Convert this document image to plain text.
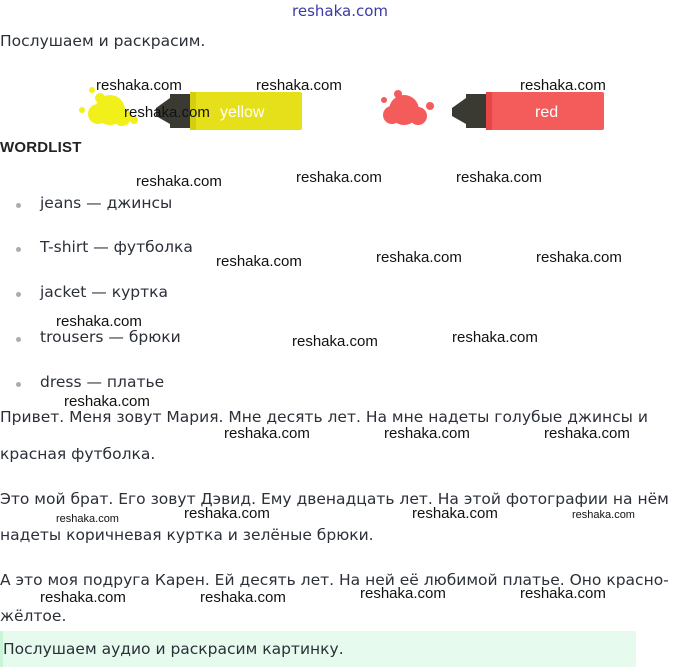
reshaka.com
Послушаем и раскрасим.
yellow	red
WORDLIST
jeans — джинсы
T-shirt — футболка
jacket — куртка
trousers — брюки
dress — платье
Привет. Меня зовут Мария. Мне десять лет. На мне надеты голубые джинсы и
красная футболка.
Это мой брат. Его зовут Дэвид. Ему двенадцать лет. На этой фотографии на нём
надеты коричневая куртка и зелёные брюки.
А это моя подруга Карен. Ей десять лет. На ней её любимой платье. Оно красно-
жёлтое.
Послушаем аудио и раскрасим картинку.
reshaka.com	reshaka.com	reshaka.com
reshaka.com
reshaka.com	reshaka.com	reshaka.com
reshaka.com	reshaka.com	reshaka.com
reshaka.com
reshaka.com	reshaka.com
reshaka.com
reshaka.com	reshaka.com	reshaka.com
reshaka.com	reshaka.com	reshaka.com	reshaka.com
reshaka.com	reshaka.com	reshaka.com	reshaka.com
